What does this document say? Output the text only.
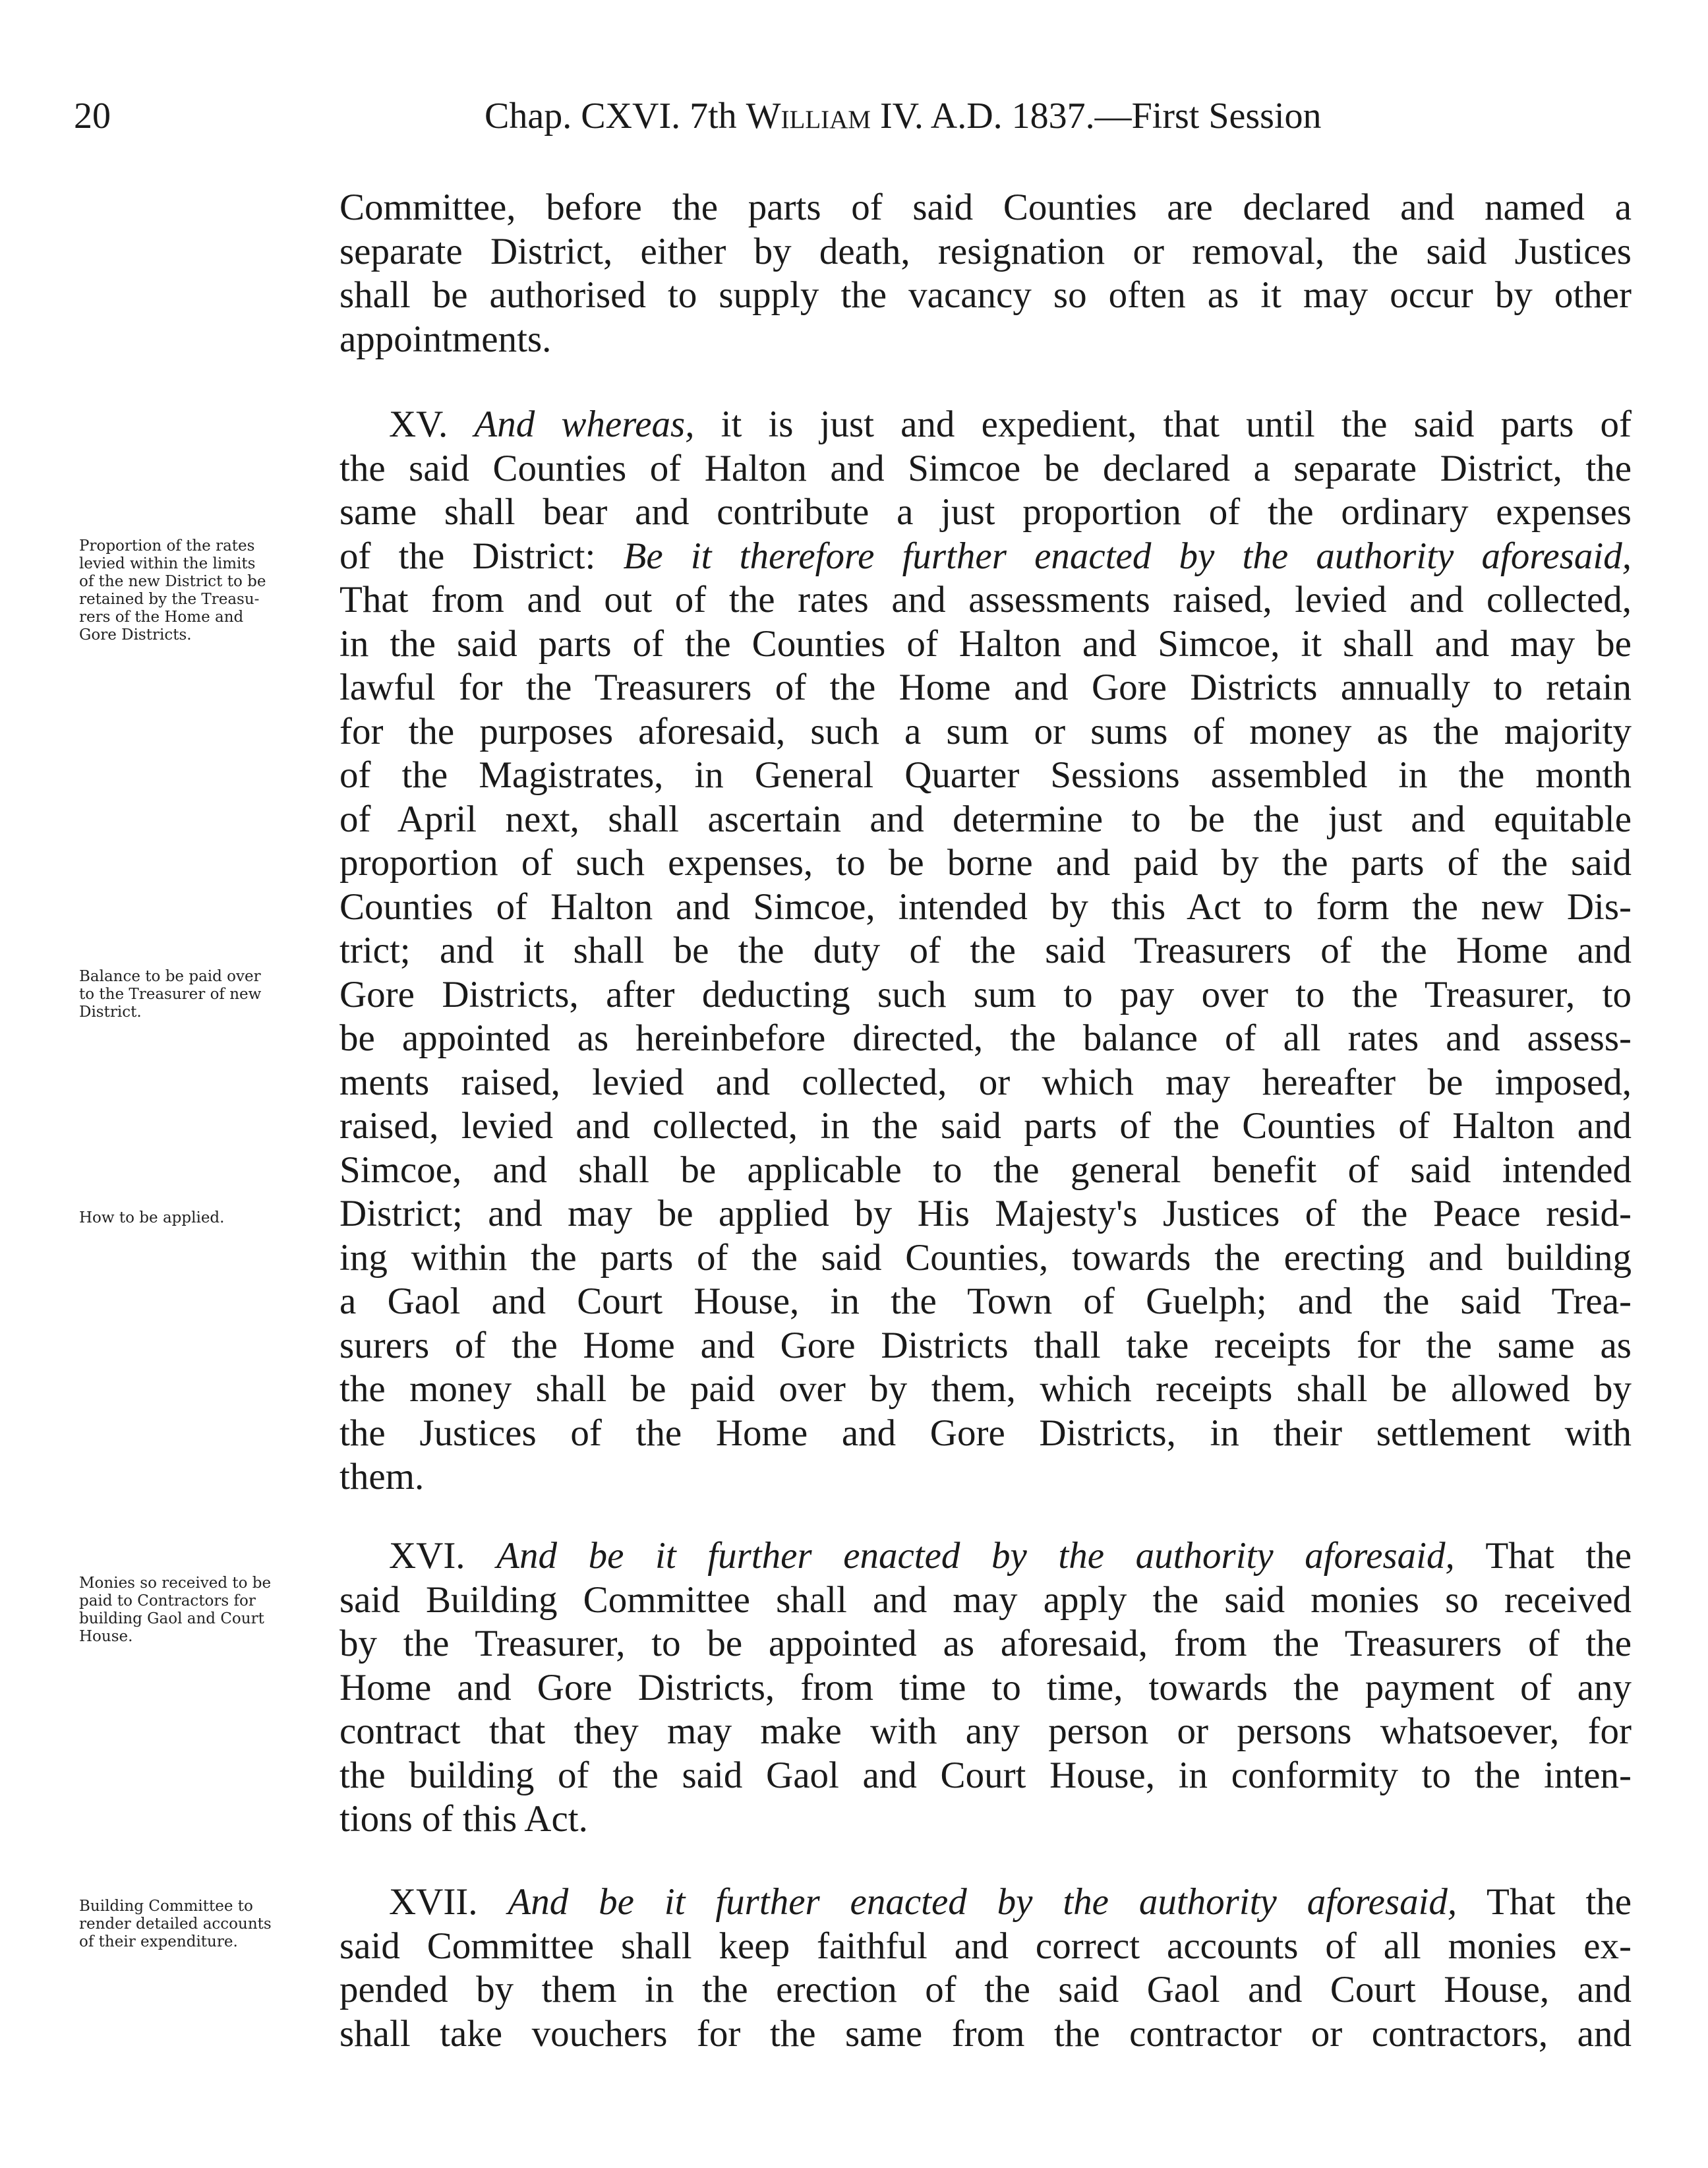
20	Chap. CXVI. 7th William IV. A.D. 1837.—First Session
Committee, before the parts of said Counties are declared and named a
separate District, either by death, resignation or removal, the said Justices
shall be authorised to supply the vacancy so often as it may occur by other
appointments.
XV. And whereas, it is just and expedient, that until the said parts of
the said Counties of Halton and Simcoe be declared a separate District, the
same shall bear and contribute a just proportion of the ordinary expenses
of the District: Be it therefore further enacted by the authority aforesaid,
That from and out of the rates and assessments raised, levied and collected,
in the said parts of the Counties of Halton and Simcoe, it shall and may be
lawful for the Treasurers of the Home and Gore Districts annually to retain
for the purposes aforesaid, such a sum or sums of money as the majority
of the Magistrates, in General Quarter Sessions assembled in the month
of April next, shall ascertain and determine to be the just and equitable
proportion of such expenses, to be borne and paid by the parts of the said
Counties of Halton and Simcoe, intended by this Act to form the new Dis-
trict; and it shall be the duty of the said Treasurers of the Home and
Gore Districts, after deducting such sum to pay over to the Treasurer, to
be appointed as hereinbefore directed, the balance of all rates and assess-
ments raised, levied and collected, or which may hereafter be imposed,
raised, levied and collected, in the said parts of the Counties of Halton and
Simcoe, and shall be applicable to the general benefit of said intended
District; and may be applied by His Majesty's Justices of the Peace resid-
ing within the parts of the said Counties, towards the erecting and building
a Gaol and Court House, in the Town of Guelph; and the said Trea-
surers of the Home and Gore Districts thall take receipts for the same as
the money shall be paid over by them, which receipts shall be allowed by
the Justices of the Home and Gore Districts, in their settlement with
them.
XVI. And be it further enacted by the authority aforesaid, That the
said Building Committee shall and may apply the said monies so received
by the Treasurer, to be appointed as aforesaid, from the Treasurers of the
Home and Gore Districts, from time to time, towards the payment of any
contract that they may make with any person or persons whatsoever, for
the building of the said Gaol and Court House, in conformity to the inten-
tions of this Act.
XVII. And be it further enacted by the authority aforesaid, That the
said Committee shall keep faithful and correct accounts of all monies ex-
pended by them in the erection of the said Gaol and Court House, and
shall take vouchers for the same from the contractor or contractors, and
Proportion of the rates
levied within the limits
of the new District to be
retained by the Treasu-
rers of the Home and
Gore Districts.
Balance to be paid over
to the Treasurer of new
District.
How to be applied.
Monies so received to be
paid to Contractors for
building Gaol and Court
House.
Building Committee to
render detailed accounts
of their expenditure.
